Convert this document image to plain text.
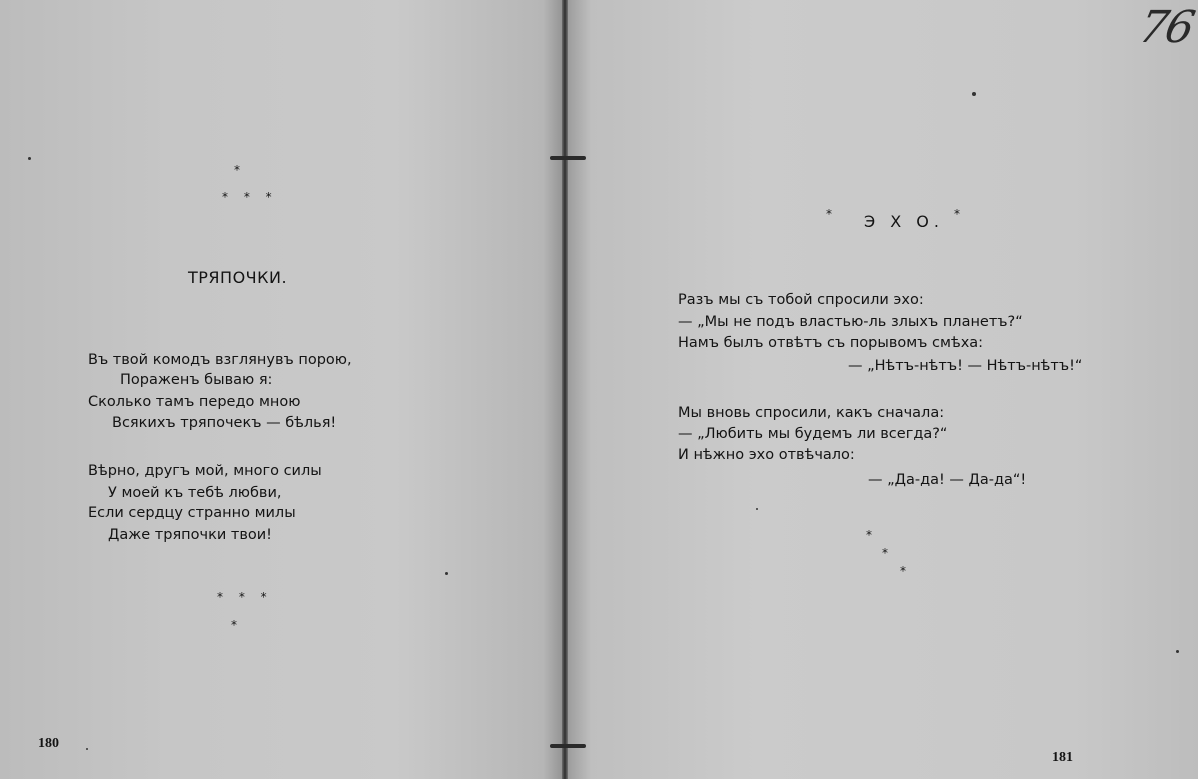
*
* * *
ТРЯПОЧКИ.
Въ твой комодъ взглянувъ порою,
Пораженъ бываю я:
Сколько тамъ передо мною
Всякихъ тряпочекъ — бѣлья!
Вѣрно, другъ мой, много силы
У моей къ тебѣ любви,
Если сердцу странно милы
Даже тряпочки твои!
* * *
*
180
* Э Х О. *
Разъ мы съ тобой спросили эхо:
— „Мы не подъ властью-ль злыхъ планетъ?“
Намъ былъ отвѣтъ съ порывомъ смѣха:
— „Нѣтъ-нѣтъ! — Нѣтъ-нѣтъ!“
Мы вновь спросили, какъ сначала:
— „Любить мы будемъ ли всегда?“
И нѣжно эхо отвѣчало:
— „Да-да! — Да-да“!
*
*
*
181
76
